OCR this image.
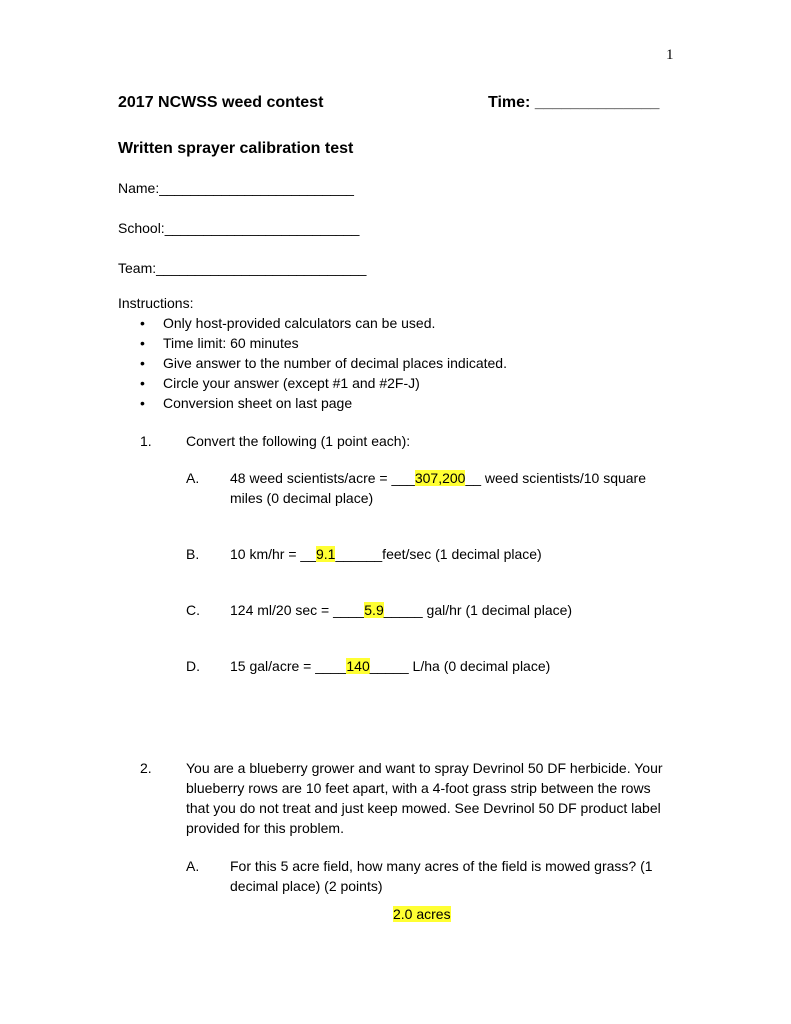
1
2017 NCWSS weed contest	Time: ______________
Written sprayer calibration test
Name:_________________________
School:_________________________
Team:___________________________
Instructions:
• Only host-provided calculators can be used.
• Time limit: 60 minutes
• Give answer to the number of decimal places indicated.
• Circle your answer (except #1 and #2F-J)
• Conversion sheet on last page
1. Convert the following (1 point each):
A. 48 weed scientists/acre = ___307,200__ weed scientists/10 square
miles (0 decimal place)
B. 10 km/hr = __9.1______feet/sec (1 decimal place)
C. 124 ml/20 sec = ____5.9_____ gal/hr (1 decimal place)
D. 15 gal/acre = ____140_____ L/ha (0 decimal place)
2. You are a blueberry grower and want to spray Devrinol 50 DF herbicide. Your
blueberry rows are 10 feet apart, with a 4-foot grass strip between the rows
that you do not treat and just keep mowed. See Devrinol 50 DF product label
provided for this problem.
A. For this 5 acre field, how many acres of the field is mowed grass? (1
decimal place) (2 points)
2.0 acres
